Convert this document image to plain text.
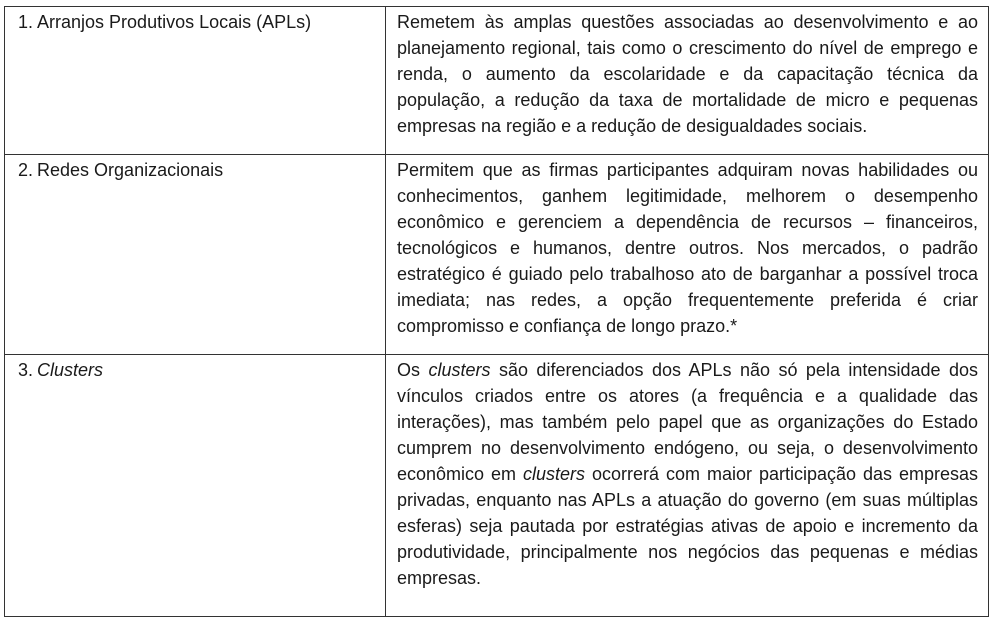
1. Arranjos Produtivos Locais (APLs)	Remetem às amplas questões associadas ao desenvolvimento e ao planejamento regional, tais como o crescimento do nível de emprego e renda, o aumento da escolaridade e da capacitação técnica da população, a redução da taxa de mortalidade de micro e pequenas empresas na região e a redução de desigualdades sociais.

2. Redes Organizacionais	Permitem que as firmas participantes adquiram novas habilidades ou conhecimentos, ganhem legitimidade, melhorem o desempenho econômico e gerenciem a dependência de recursos – financeiros, tecnológicos e humanos, dentre outros. Nos mercados, o padrão estratégico é guiado pelo trabalhoso ato de barganhar a possível troca imediata; nas redes, a opção frequentemente preferida é criar compromisso e confiança de longo prazo.*

3. Clusters	Os clusters são diferenciados dos APLs não só pela intensidade dos vínculos criados entre os atores (a frequência e a qualidade das interações), mas também pelo papel que as organizações do Estado cumprem no desenvolvimento endógeno, ou seja, o desenvolvimento econômico em clusters ocorrerá com maior participação das empresas privadas, enquanto nas APLs a atuação do governo (em suas múltiplas esferas) seja pautada por estratégias ativas de apoio e incremento da produtividade, principalmente nos negócios das pequenas e médias empresas.
